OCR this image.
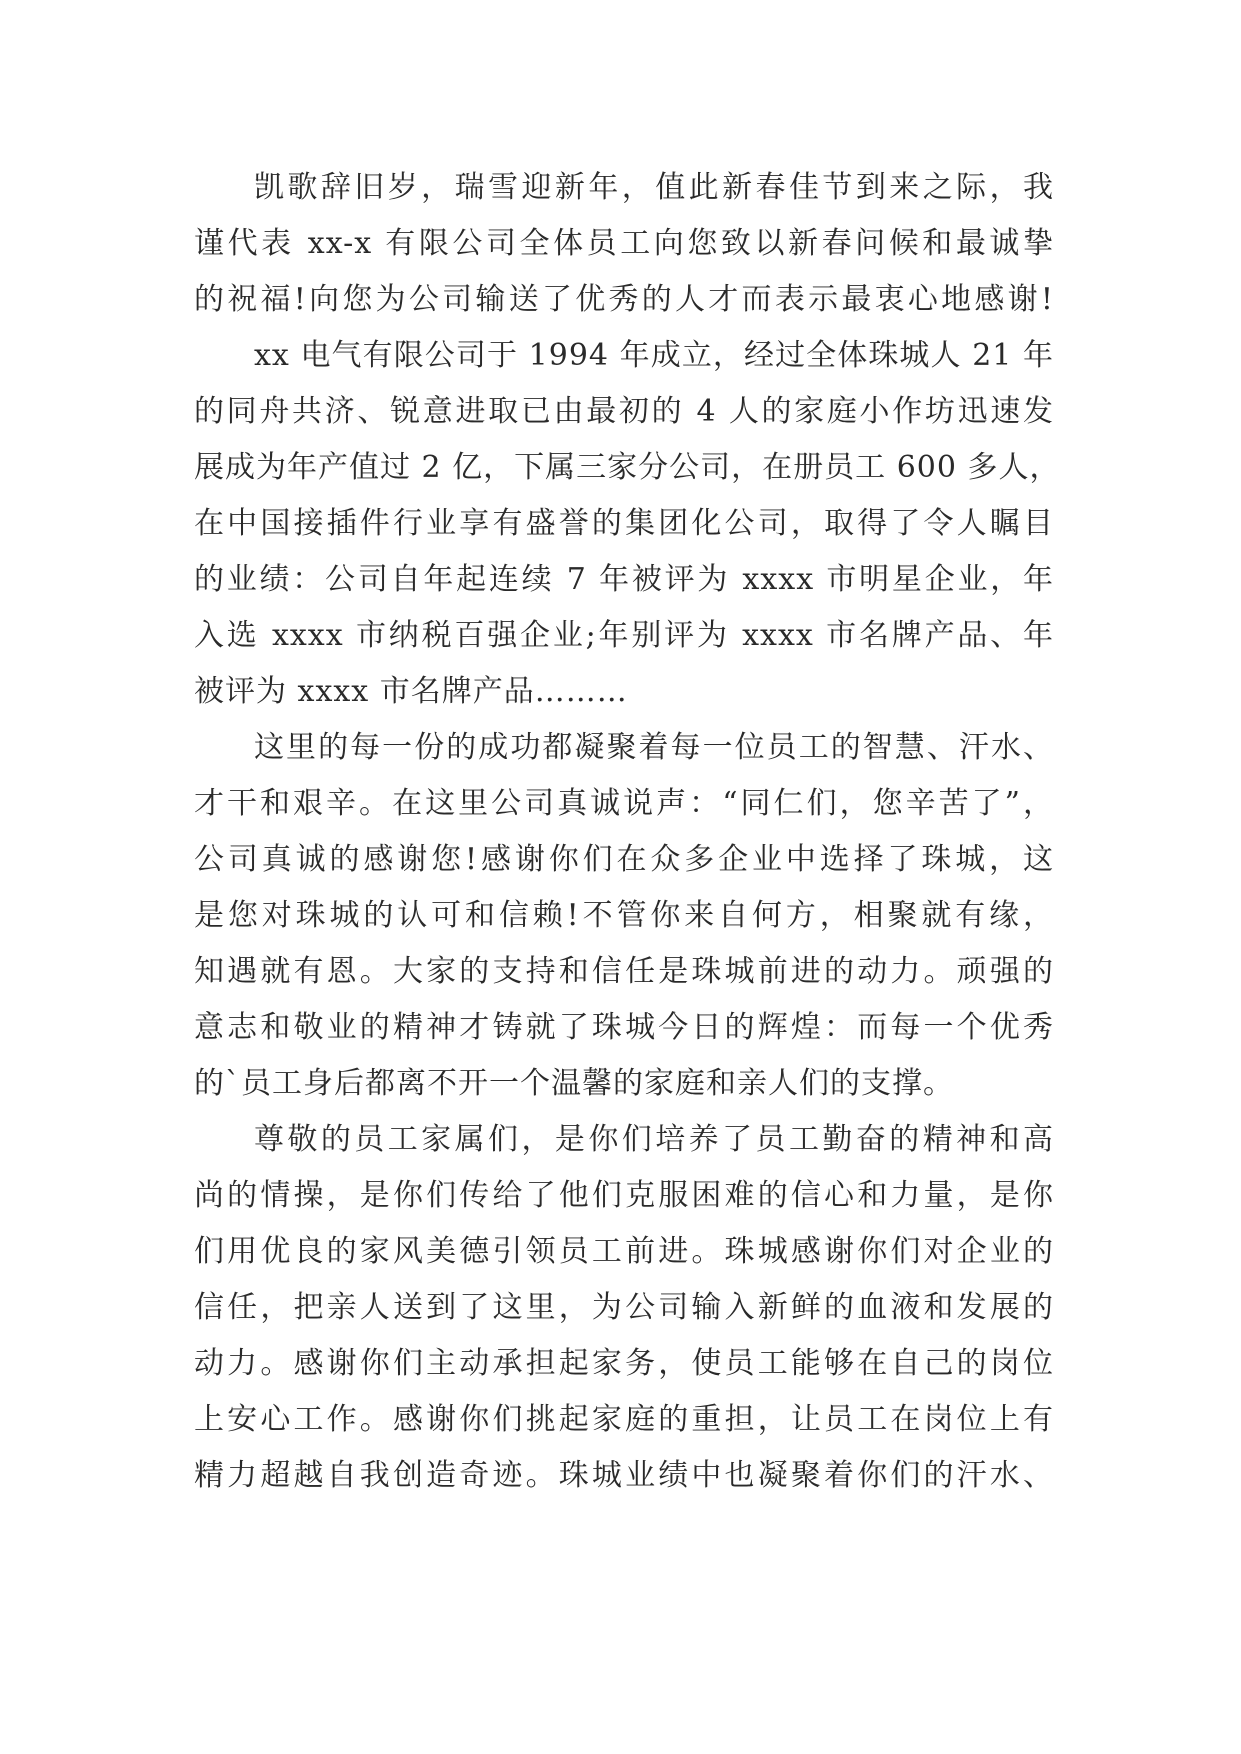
凯歌辞旧岁，瑞雪迎新年，值此新春佳节到来之际，我
谨代表 xx-x 有限公司全体员工向您致以新春问候和最诚挚
的祝福!向您为公司输送了优秀的人才而表示最衷心地感谢!
xx 电气有限公司于 1994 年成立，经过全体珠城人 21 年
的同舟共济、锐意进取已由最初的 4 人的家庭小作坊迅速发
展成为年产值过 2 亿，下属三家分公司，在册员工 600 多人，
在中国接插件行业享有盛誉的集团化公司，取得了令人瞩目
的业绩：公司自年起连续 7 年被评为 xxxx 市明星企业，年
入选 xxxx 市纳税百强企业;年别评为 xxxx 市名牌产品、年
被评为 xxxx 市名牌产品………
这里的每一份的成功都凝聚着每一位员工的智慧、汗水、
才干和艰辛。在这里公司真诚说声：“同仁们，您辛苦了”，
公司真诚的感谢您!感谢你们在众多企业中选择了珠城，这
是您对珠城的认可和信赖!不管你来自何方，相聚就有缘，
知遇就有恩。大家的支持和信任是珠城前进的动力。顽强的
意志和敬业的精神才铸就了珠城今日的辉煌：而每一个优秀
的`员工身后都离不开一个温馨的家庭和亲人们的支撑。
尊敬的员工家属们，是你们培养了员工勤奋的精神和高
尚的情操，是你们传给了他们克服困难的信心和力量，是你
们用优良的家风美德引领员工前进。珠城感谢你们对企业的
信任，把亲人送到了这里，为公司输入新鲜的血液和发展的
动力。感谢你们主动承担起家务，使员工能够在自己的岗位
上安心工作。感谢你们挑起家庭的重担，让员工在岗位上有
精力超越自我创造奇迹。珠城业绩中也凝聚着你们的汗水、
